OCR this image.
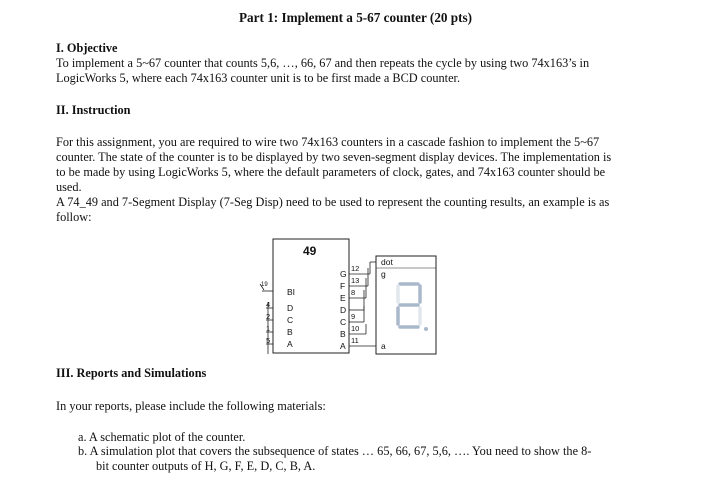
Part 1: Implement a 5-67 counter (20 pts)
I. Objective
To implement a 5~67 counter that counts 5,6, …, 66, 67 and then repeats the cycle by using two 74x163’s in
LogicWorks 5, where each 74x163 counter unit is to be first made a BCD counter.
II. Instruction
For this assignment, you are required to wire two 74x163 counters in a cascade fashion to implement the 5~67
counter. The state of the counter is to be displayed by two seven-segment display devices. The implementation is
to be made by using LogicWorks 5, where the default parameters of clock, gates, and 74x163 counter should be
used.
A 74_49 and 7-Segment Display (7-Seg Disp) need to be used to represent the counting results, an example is as
follow:
49
BI
D
C
B
A
19
4
2
1
5
G
F
E
D
C
B
A
12
13
8
9
10
11
dot
g
a
III. Reports and Simulations
In your reports, please include the following materials:
a. A schematic plot of the counter.
b. A simulation plot that covers the subsequence of states … 65, 66, 67, 5,6, …. You need to show the 8-
bit counter outputs of H, G, F, E, D, C, B, A.
